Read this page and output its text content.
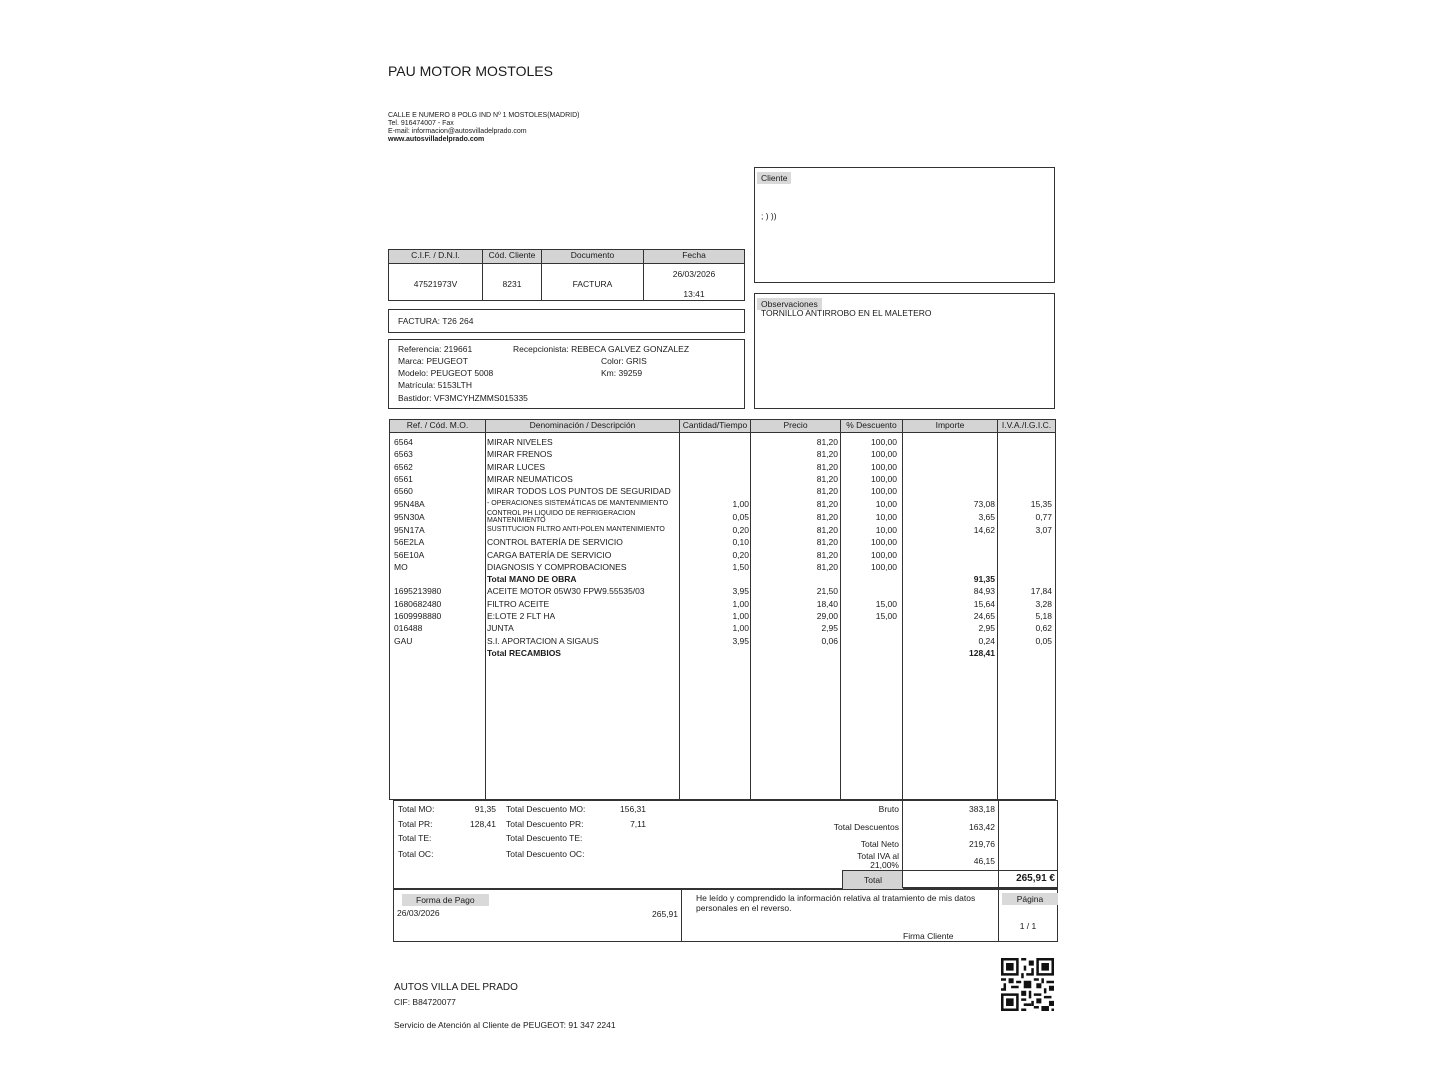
PAU MOTOR MOSTOLES
CALLE E NUMERO 8 POLG IND Nº 1 MOSTOLES(MADRID)
Tel. 916474007 - Fax
E-mail: informacion@autosvilladelprado.com
www.autosvilladelprado.com
Cliente
; ) ))
C.I.F. / D.N.I.	Cód. Cliente	Documento	Fecha
47521973V	8231	FACTURA
26/03/2026
13:41
Observaciones
TORNILLO ANTIRROBO EN EL MALETERO
FACTURA: T26 264
Referencia: 219661	Recepcionista: REBECA GALVEZ GONZALEZ
Marca: PEUGEOT	Color: GRIS
Modelo: PEUGEOT 5008	Km: 39259
Matrícula: 5153LTH
Bastidor: VF3MCYHZMMS015335
Ref. / Cód. M.O.	Denominación / Descripción	Cantidad/Tiempo	Precio	% Descuento	Importe	I.V.A./I.G.I.C.
6564	MIRAR NIVELES		81,20	100,00		
6563	MIRAR FRENOS		81,20	100,00		
6562	MIRAR LUCES		81,20	100,00		
6561	MIRAR NEUMATICOS		81,20	100,00		
6560	MIRAR TODOS LOS PUNTOS DE SEGURIDAD		81,20	100,00		
95N48A	- OPERACIONES SISTEMÁTICAS DE MANTENIMIENTO	1,00	81,20	10,00	73,08	15,35
95N30A	CONTROL PH LIQUIDO DE REFRIGERACIÓN MANTENIMIENTO	0,05	81,20	10,00	3,65	0,77
95N17A	SUSTITUCION FILTRO ANTI-POLEN MANTENIMIENTO	0,20	81,20	10,00	14,62	3,07
56E2LA	CONTROL BATERÍA DE SERVICIO	0,10	81,20	100,00		
56E10A	CARGA BATERÍA DE SERVICIO	0,20	81,20	100,00		
MO	DIAGNOSIS Y COMPROBACIONES	1,50	81,20	100,00		
	Total MANO DE OBRA				91,35	
1695213980	ACEITE MOTOR 05W30 FPW9.55535/03	3,95	21,50		84,93	17,84
1680682480	FILTRO ACEITE	1,00	18,40	15,00	15,64	3,28
1609998880	E:LOTE 2 FLT HA	1,00	29,00	15,00	24,65	5,18
016488	JUNTA	1,00	2,95		2,95	0,62
GAU	S.I. APORTACION A SIGAUS	3,95	0,06		0,24	0,05
	Total RECAMBIOS				128,41	
Total MO:	91,35 Total Descuento MO:	156,31
Total PR:	128,41 Total Descuento PR:	7,11
Total TE:	Total Descuento TE:
Total OC:	Total Descuento OC:
Bruto	383,18
Total Descuentos	163,42
Total Neto	219,76
Total IVA al
21,00%	46,15
Total	265,91 €
Forma de Pago
26/03/2026	265,91
He leído y comprendido la información relativa al tratamiento de mis datos personales en el reverso.
Firma Cliente
Página
1 / 1
AUTOS VILLA DEL PRADO
CIF: B84720077
Servicio de Atención al Cliente de PEUGEOT: 91 347 2241
